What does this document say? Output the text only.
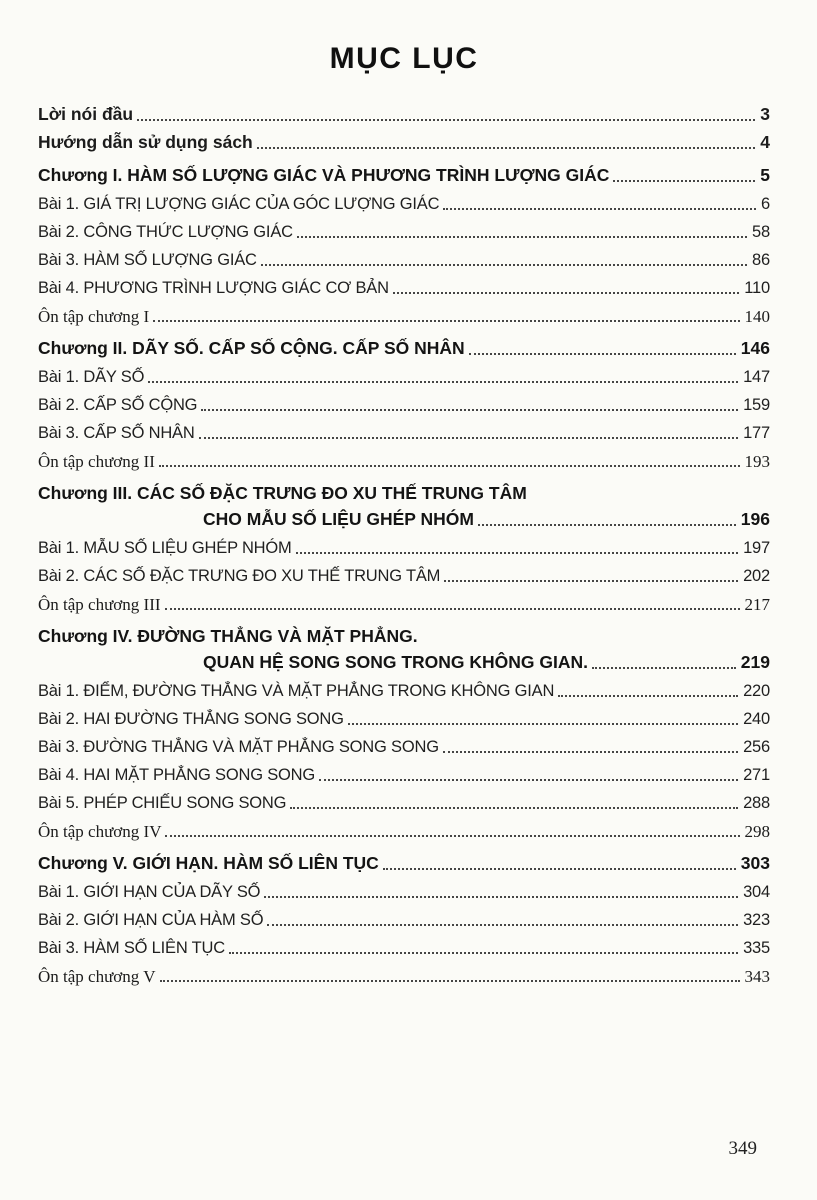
MỤC LỤC
Lời nói đầu	3
Hướng dẫn sử dụng sách	4
Chương I. HÀM SỐ LƯỢNG GIÁC VÀ PHƯƠNG TRÌNH LƯỢNG GIÁC	5
Bài 1. GIÁ TRỊ LƯỢNG GIÁC CỦA GÓC LƯỢNG GIÁC	6
Bài 2. CÔNG THỨC LƯỢNG GIÁC	58
Bài 3. HÀM SỐ LƯỢNG GIÁC	86
Bài 4. PHƯƠNG TRÌNH LƯỢNG GIÁC CƠ BẢN	110
Ôn tập chương I	140
Chương II. DÃY SỐ. CẤP SỐ CỘNG. CẤP SỐ NHÂN	146
Bài 1. DÃY SỐ	147
Bài 2. CẤP SỐ CỘNG	159
Bài 3. CẤP SỐ NHÂN	177
Ôn tập chương II	193
Chương III. CÁC SỐ ĐẶC TRƯNG ĐO XU THẾ TRUNG TÂM
CHO MẪU SỐ LIỆU GHÉP NHÓM	196
Bài 1. MẪU SỐ LIỆU GHÉP NHÓM	197
Bài 2. CÁC SỐ ĐẶC TRƯNG ĐO XU THẾ TRUNG TÂM	202
Ôn tập chương III	217
Chương IV. ĐƯỜNG THẲNG VÀ MẶT PHẲNG.
QUAN HỆ SONG SONG TRONG KHÔNG GIAN.	219
Bài 1. ĐIỂM, ĐƯỜNG THẲNG VÀ MẶT PHẲNG TRONG KHÔNG GIAN	220
Bài 2. HAI ĐƯỜNG THẲNG SONG SONG	240
Bài 3. ĐƯỜNG THẲNG VÀ MẶT PHẲNG SONG SONG	256
Bài 4. HAI MẶT PHẲNG SONG SONG	271
Bài 5. PHÉP CHIẾU SONG SONG	288
Ôn tập chương IV	298
Chương V. GIỚI HẠN. HÀM SỐ LIÊN TỤC	303
Bài 1. GIỚI HẠN CỦA DÃY SỐ	304
Bài 2. GIỚI HẠN CỦA HÀM SỐ	323
Bài 3. HÀM SỐ LIÊN TỤC	335
Ôn tập chương V	343
349
